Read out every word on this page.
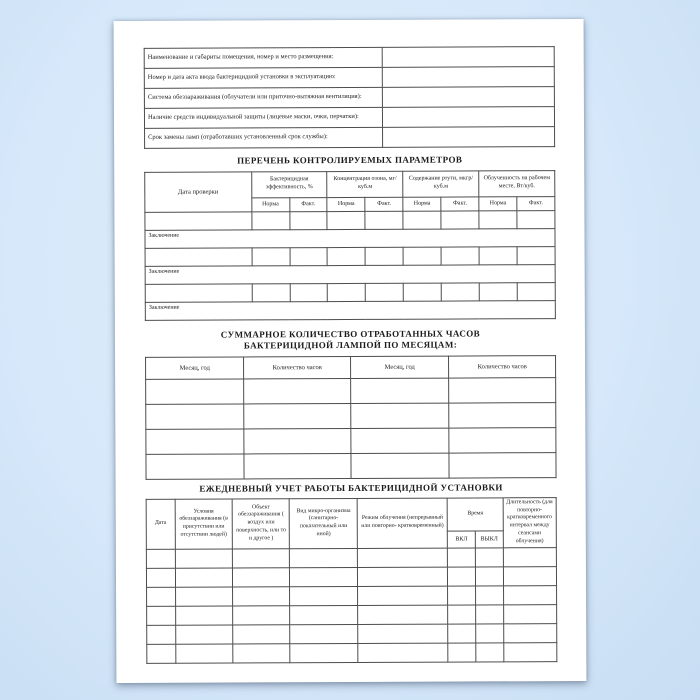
Наименование и габариты помещения, номер и место размещения:	
Номер и дата акта ввода бактерицидной установки в эксплуатацию:	
Система обеззараживания (облучатели или приточно-вытяжная вентиляция):	
Наличие средств индивидуальной защиты (лицевые маски, очки, перчатки):	
Срок замены ламп (отработавших установленный срок службы):	
ПЕРЕЧЕНЬ КОНТРОЛИРУЕМЫХ ПАРАМЕТРОВ
Дата проверки	Бактерицидная эффективность, %		Концентрация озона, мг/ куб.м		Содержание ртути, мкгр/ куб.м		Облученность на рабочем месте, Вт/куб.	
	Норма	Факт.	Норма	Факт.	Норма	Факт.	Норма	Факт.

Заключение								

Заключение								

Заключение								
СУММАРНОЕ КОЛИЧЕСТВО ОТРАБОТАННЫХ ЧАСОВ
БАКТЕРИЦИДНОЙ ЛАМПОЙ ПО МЕСЯЦАМ:
Месяц, год	Количество часов	Месяц, год	Количество часов

ЕЖЕДНЕВНЫЙ УЧЕТ РАБОТЫ БАКТЕРИЦИДНОЙ УСТАНОВКИ
Дата	Условия обеззараживания (в присутствии или отсутствии людей)	Объект обеззараживания ( воздух или поверхность, или то и другое )	Вид микро-организма (санитарно- показательный или иной)	Режим облучения (непрерывный или повторно- кратковременный)	Время		Длительность (для повторно- кратковременного интервал между сеансами облучения)
					ВКЛ	ВЫКЛ	
